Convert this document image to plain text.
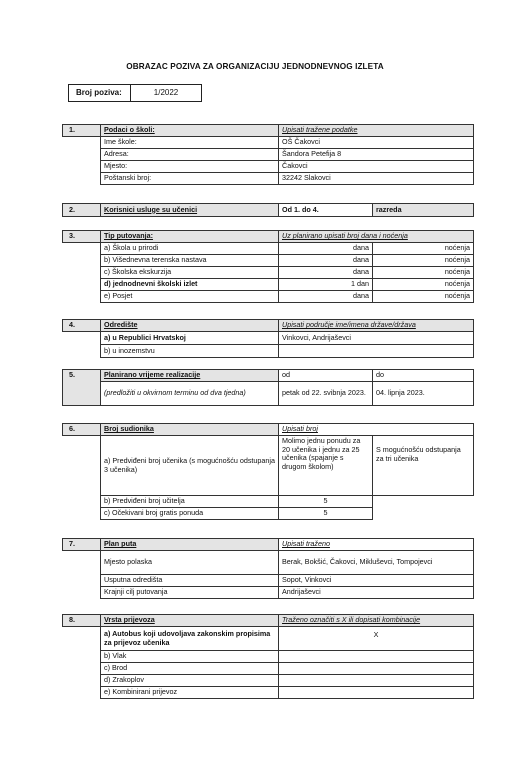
OBRAZAC POZIVA ZA ORGANIZACIJU JEDNODNEVNOG IZLETA
Broj poziva:	1/2022
1.	Podaci o školi:	Upisati tražene podatke
	Ime škole:	OŠ Čakovci
	Adresa:	Šandora Petefija 8
	Mjesto:	Čakovci
	Poštanski broj:	32242 Slakovci
2.	Korisnici usluge su učenici	Od 1. do 4.	razreda
3.	Tip putovanja:	Uz planirano upisati broj dana i noćenja	
	a) Škola u prirodi	dana	noćenja
	b) Višednevna terenska nastava	dana	noćenja
	c) Školska ekskurzija	dana	noćenja
	d) jednodnevni školski izlet	1 dan	noćenja
	e) Posjet	dana	noćenja
4.	Odredište	Upisati područje ime/imena države/država
	a) u Republici Hrvatskoj	Vinkovci, Andrijaševci
	b) u inozemstvu	
5.	Planirano vrijeme realizacije	od	do
	(predložiti u okvirnom terminu od dva tjedna)	petak od 22. svibnja 2023.	04. lipnja 2023.
6.	Broj sudionika	Upisati broj	
	a) Predviđeni broj učenika (s mogućnošću odstupanja 3 učenika)	Molimo jednu ponudu za 20 učenika i jednu za 25 učenika (spajanje s drugom školom)	S mogućnošću odstupanja za tri učenika
	b) Predviđeni broj učitelja	5	
	c) Očekivani broj gratis ponuda	5	
7.	Plan puta	Upisati traženo
	Mjesto polaska	Berak, Bokšić, Čakovci, Mikluševci, Tompojevci
	Usputna odredišta	Sopot, Vinkovci
	Krajnji cilj putovanja	Andrijaševci
8.	Vrsta prijevoza	Traženo označiti s X ili dopisati kombinacije
	a) Autobus koji udovoljava zakonskim propisima za prijevoz učenika	X
	b) Vlak	
	c) Brod	
	d) Zrakoplov	
	e) Kombinirani prijevoz	
